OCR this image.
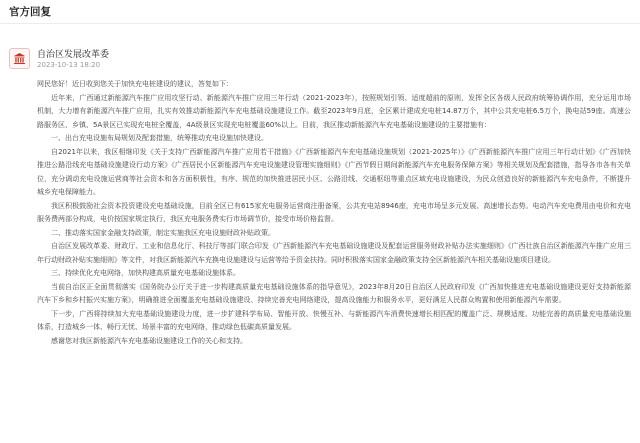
官方回复
自治区发展改革委
2023-10-13 18:20

网民您好！近日收到您关于加快充电桩建设的建议，答复如下：

近年来，广西通过新能源汽车推广应用攻坚行动、新能源汽车推广应用三年行动（2021-2023年），按照规划引领、适度超前的原则，发挥全区各级人民政府统筹协调作用，充分运用市场机制，大力增有新能源汽车推广应用，扎实有效推动新能源汽车充电基础设施建设工作。截至2023年9月底，全区累计建成充电桩14.87万个，其中公共充电桩6.5万个，换电站59座。高速公路服务区、乡镇、5A景区已实现充电桩全覆盖，4A级景区实现充电桩覆盖60%以上。目前，我区推动新能源汽车充电基础设施建设的主要措施有：

一、出台充电设施布局规划及配套措施，统筹推动充电设施加快建设。

自2021年以来，我区相继印发《关于支持广西新能源汽车推广应用若干措施》《广西新能源汽车充电基础设施规划（2021-2025年）》《广西新能源汽车推广应用三年行动计划》《广西加快推进公路沿线充电基础设施建设行动方案》《广西居民小区新能源汽车充电设施建设管理实施细则》《广西节假日期间新能源汽车充电服务保障方案》等相关规划及配套措施，指导各市各有关单位，充分调动充电设施运营商等社会资本和各方面积极性，有序、规范的加快推进居民小区、公路沿线、交通枢纽等重点区域充电设施建设，为民众创造良好的新能源汽车充电条件，不断提升城乡充电保障能力。

我区积极鼓励社会资本投资建设充电基础设施，目前全区已有615家充电服务运营商注册备案，公共充电站8946座，充电市场呈多元发展、高速增长态势。电动汽车充电费用由电价和充电服务费两部分构成，电价按国家规定执行，我区充电服务费实行市场调节价，接受市场价格监督。

二、推动落实国家金融支持政策，制定实施我区充电设施财政补贴政策。

自治区发展改革委、财政厅、工业和信息化厅、科技厅等部门联合印发《广西新能源汽车充电基础设施建设及配套运营服务财政补贴办法实施细则》《广西壮族自治区新能源汽车推广应用三年行动财政补贴实施细则》等文件，对我区新能源汽车充换电设施建设与运营等给予资金扶持。同时积极落实国家金融政策支持全区新能源汽车相关基础设施项目建设。

三、持续优化充电网络，加快构建高质量充电基础设施体系。

当前自治区正全面贯彻落实《国务院办公厅关于进一步构建高质量充电基础设施体系的指导意见》，2023年8月20日自治区人民政府印发《广西加快推进充电基础设施建设更好支持新能源汽车下乡和乡村振兴实施方案》，明确推进全面覆盖充电基础设施建设、持续完善充电网络建设，提高设施能力和服务水平，更好满足人民群众购置和使用新能源汽车需要。

下一步，广西将持续加大充电基础设施建设力度，进一步扩建科学布局、智能开放、快慢互补、与新能源汽车消费快速增长相匹配的覆盖广泛、规模适度、功能完善的高质量充电基础设施体系，打造城乡一体、畅行无忧、场景丰富的充电网络，推动绿色低碳高质量发展。

感谢您对我区新能源汽车充电基础设施建设工作的关心和支持。
